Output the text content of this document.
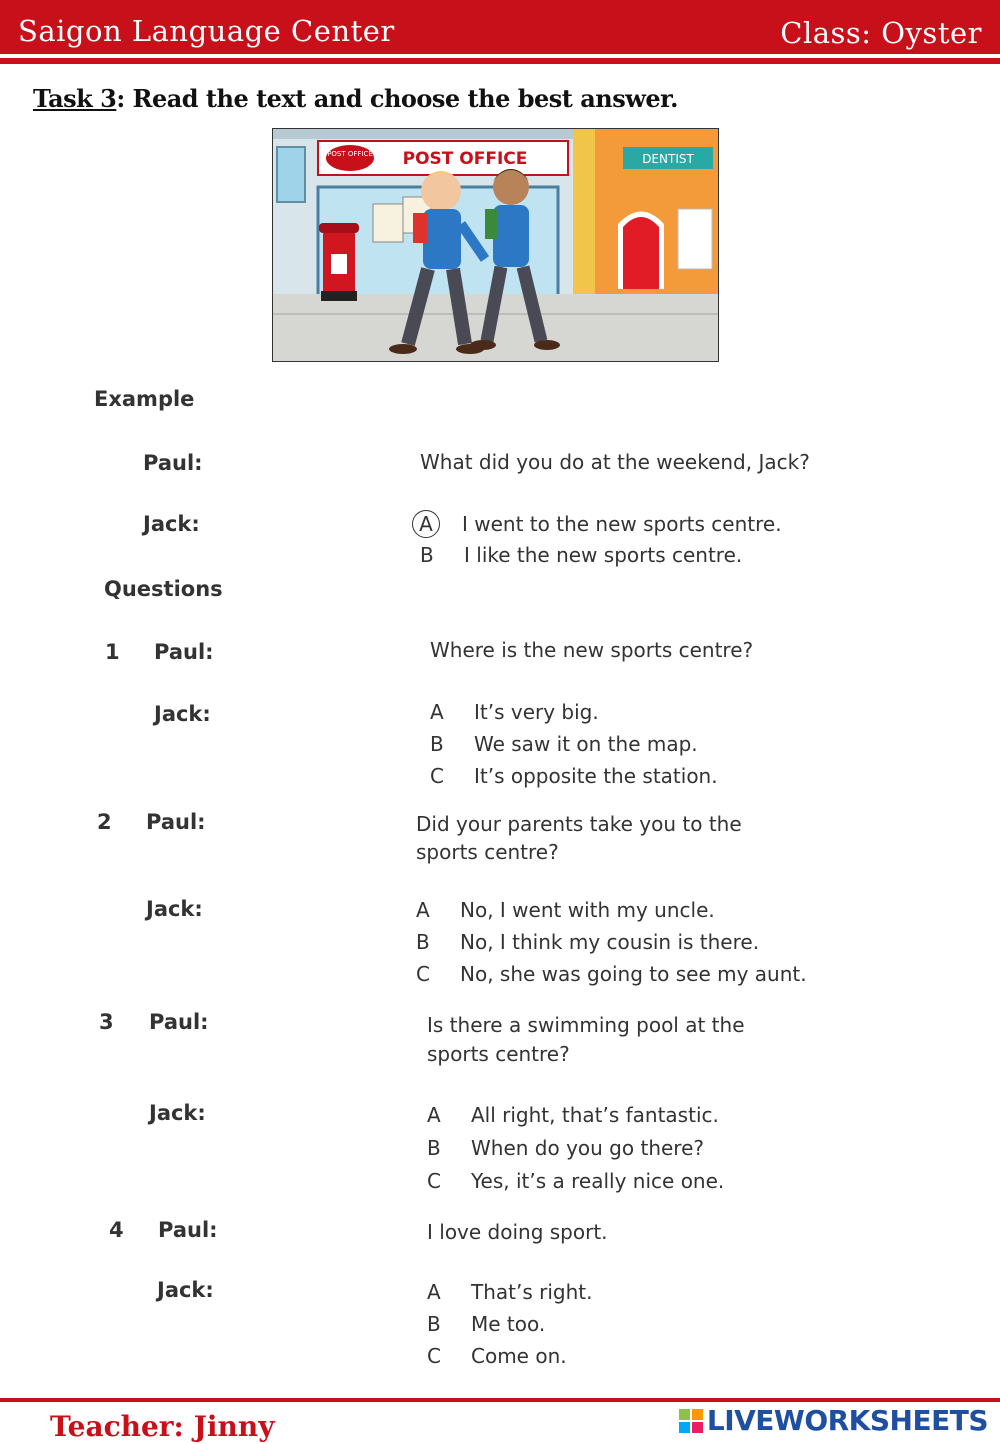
Saigon Language Center	Class: Oyster
Task 3: Read the text and choose the best answer.
POST OFFICE POST OFFICE	DENTIST
Example
Paul:	What did you do at the weekend, Jack?
Jack:	A I went to the new sports centre.
B I like the new sports centre.
Questions
1 Paul:	Where is the new sports centre?
Jack:	A It’s very big.
B We saw it on the map.
C It’s opposite the station.
2 Paul:	Did your parents take you to the
sports centre?
Jack:	A No, I went with my uncle.
B No, I think my cousin is there.
C No, she was going to see my aunt.
3 Paul:	Is there a swimming pool at the
sports centre?
Jack:	A All right, that’s fantastic.
B When do you go there?
C Yes, it’s a really nice one.
4 Paul:	I love doing sport.
Jack:	A That’s right.
B Me too.
C Come on.
Teacher: Jinny	LIVEWORKSHEETS
